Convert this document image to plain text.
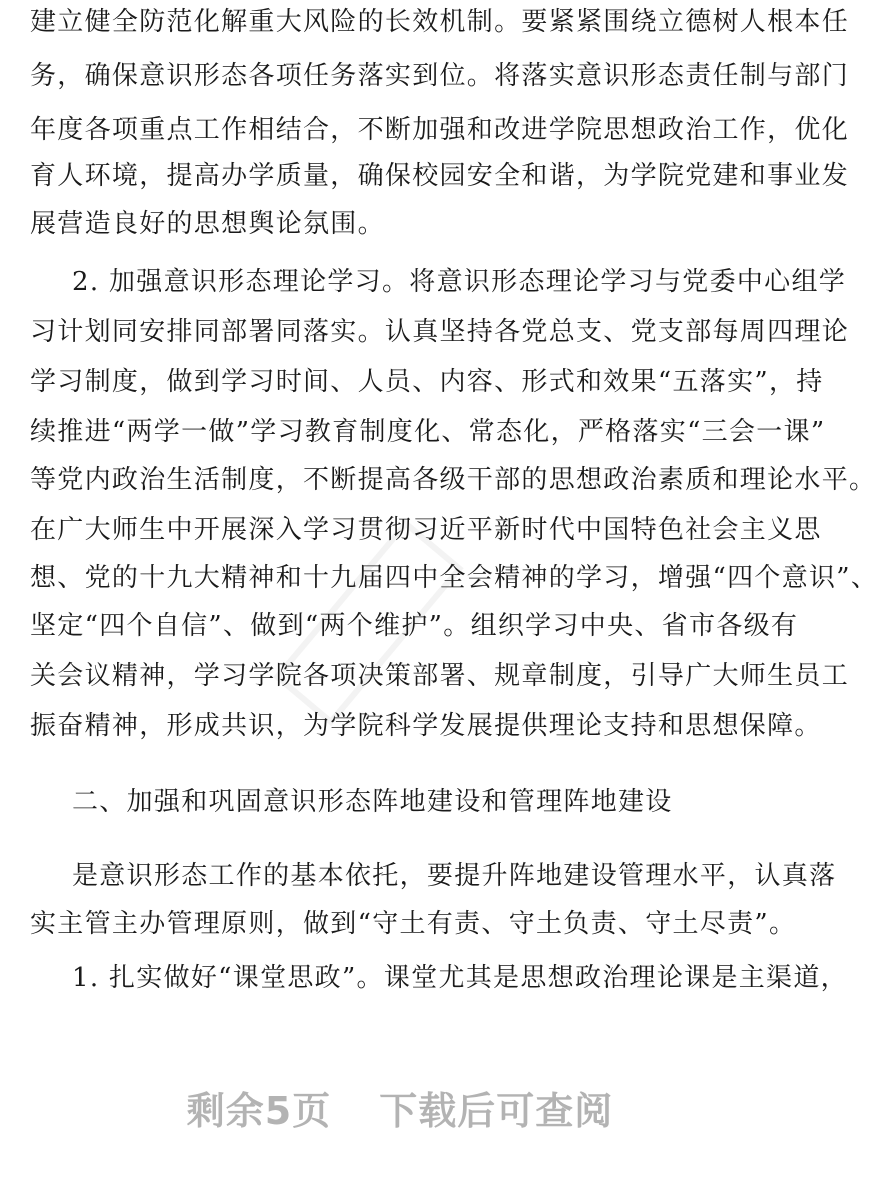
建立健全防范化解重大风险的长效机制。要紧紧围绕立德树人根本任
务，确保意识形态各项任务落实到位。将落实意识形态责任制与部门
年度各项重点工作相结合，不断加强和改进学院思想政治工作，优化
育人环境，提高办学质量，确保校园安全和谐，为学院党建和事业发
展营造良好的思想舆论氛围。
2. 加强意识形态理论学习。将意识形态理论学习与党委中心组学
习计划同安排同部署同落实。认真坚持各党总支、党支部每周四理论
学习制度，做到学习时间、人员、内容、形式和效果“五落实”，持
续推进“两学一做”学习教育制度化、常态化，严格落实“三会一课”
等党内政治生活制度，不断提高各级干部的思想政治素质和理论水平。
在广大师生中开展深入学习贯彻习近平新时代中国特色社会主义思
想、党的十九大精神和十九届四中全会精神的学习，增强“四个意识”、
坚定“四个自信”、做到“两个维护”。组织学习中央、省市各级有
关会议精神，学习学院各项决策部署、规章制度，引导广大师生员工
振奋精神，形成共识，为学院科学发展提供理论支持和思想保障。
二、加强和巩固意识形态阵地建设和管理阵地建设
是意识形态工作的基本依托，要提升阵地建设管理水平，认真落
实主管主办管理原则，做到“守土有责、守土负责、守土尽责”。
1. 扎实做好“课堂思政”。课堂尤其是思想政治理论课是主渠道，
剩余5页 下载后可查阅
